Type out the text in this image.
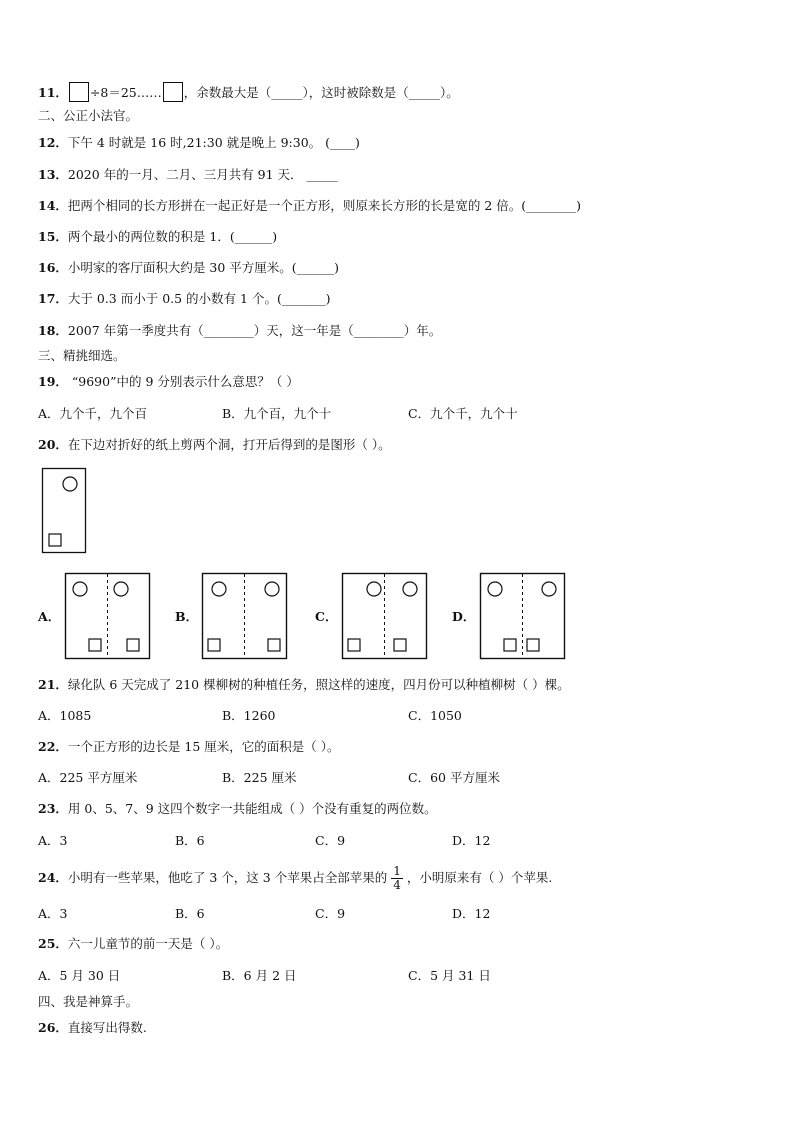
11． ÷8＝25…… ，余数最大是（_____），这时被除数是（_____）。
二、公正小法官。
12．下午 4 时就是 16 时,21:30 就是晚上 9:30。 (____)
13．2020 年的一月、二月、三月共有 91 天． _____
14．把两个相同的长方形拼在一起正好是一个正方形，则原来长方形的长是宽的 2 倍。(________)
15．两个最小的两位数的积是 1．(______)
16．小明家的客厅面积大约是 30 平方厘米。(______)
17．大于 0.3 而小于 0.5 的小数有 1 个。(_______)
18．2007 年第一季度共有（________）天，这一年是（________）年。
三、精挑细选。
19． “9690”中的 9 分别表示什么意思？（ ）
A．九个千，九个百	B．九个百，九个十	C．九个千，九个十
20．在下边对折好的纸上剪两个洞，打开后得到的是图形（ ）。
A．	B．	C．	D．
21．绿化队 6 天完成了 210 棵柳树的种植任务，照这样的速度，四月份可以种植柳树（ ）棵。
A．1085	B．1260	C．1050
22．一个正方形的边长是 15 厘米，它的面积是（ ）。
A．225 平方厘米	B．225 厘米	C．60 平方厘米
23．用 0、5、7、9 这四个数字一共能组成（ ）个没有重复的两位数。
A．3	B．6	C．9	D．12
24．小明有一些苹果，他吃了 3 个，这 3 个苹果占全部苹果的 $\frac{1}{4}$ ，小明原来有（ ）个苹果.
A．3	B．6	C．9	D．12
25．六一儿童节的前一天是（ ）。
A．5 月 30 日	B．6 月 2 日	C．5 月 31 日
四、我是神算手。
26．直接写出得数.
